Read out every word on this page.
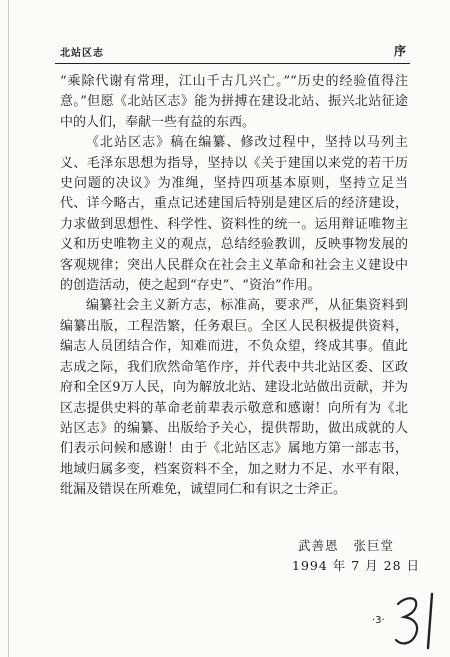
北站区志	序

“乘除代谢有常理，江山千古几兴亡。”“历史的经验值得注意。”但愿《北站区志》能为拼搏在建设北站、振兴北站征途中的人们，奉献一些有益的东西。

《北站区志》稿在编纂、修改过程中，坚持以马列主义、毛泽东思想为指导，坚持以《关于建国以来党的若干历史问题的决议》为准绳，坚持四项基本原则，坚持立足当代、详今略古，重点记述建国后特别是建区后的经济建设，力求做到思想性、科学性、资料性的统一。运用辩证唯物主义和历史唯物主义的观点，总结经验教训，反映事物发展的客观规律；突出人民群众在社会主义革命和社会主义建设中的创造活动，使之起到“存史”、“资治”作用。

编纂社会主义新方志，标准高，要求严，从征集资料到编纂出版，工程浩繁，任务艰巨。全区人民积极提供资料，编志人员团结合作，知难而进，不负众望，终成其事。值此志成之际，我们欣然命笔作序，并代表中共北站区委、区政府和全区9万人民，向为解放北站、建设北站做出贡献，并为区志提供史料的革命老前辈表示敬意和感谢！向所有为《北站区志》的编纂、出版给予关心，提供帮助，做出成就的人们表示问候和感谢！由于《北站区志》属地方第一部志书，地域归属多变，档案资料不全，加之财力不足、水平有限，纰漏及错误在所难免，诚望同仁和有识之士斧正。

武善恩 张巨堂
1994 年 7 月 28 日
·3·
